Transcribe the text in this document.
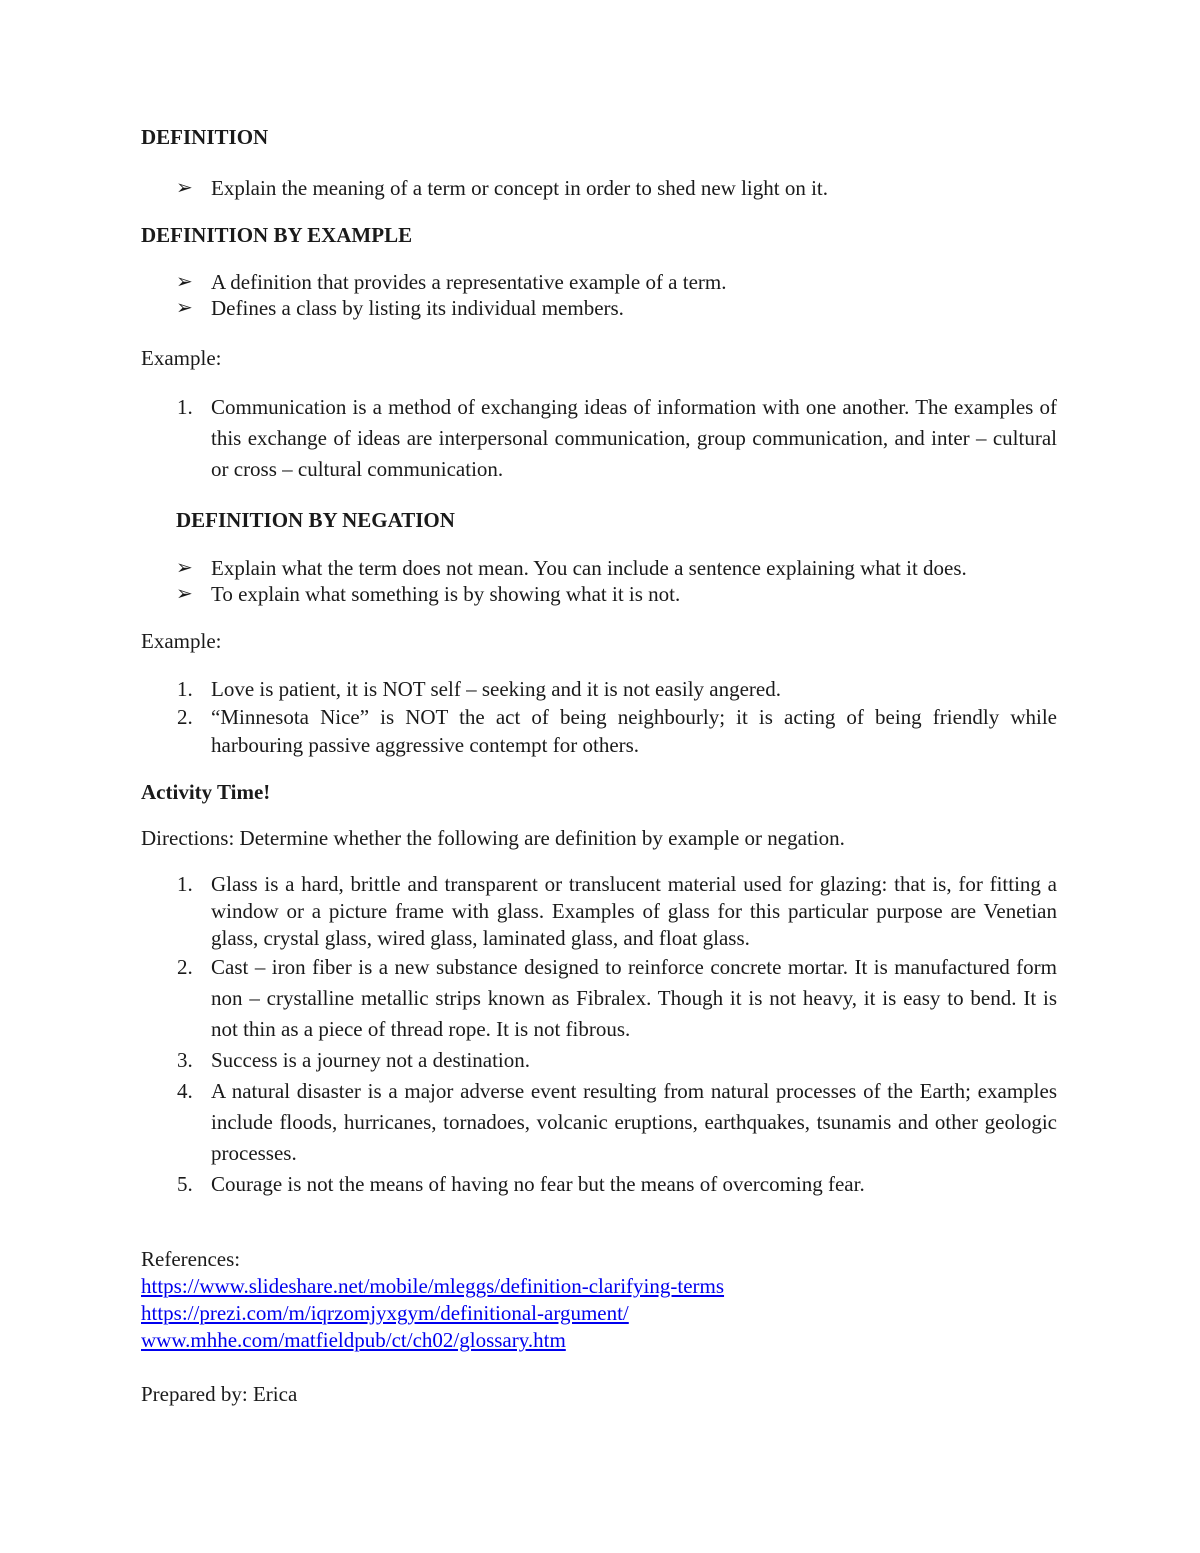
DEFINITION

➢ Explain the meaning of a term or concept in order to shed new light on it.

DEFINITION BY EXAMPLE

➢ A definition that provides a representative example of a term.
➢ Defines a class by listing its individual members.

Example:

1. Communication is a method of exchanging ideas of information with one another. The examples of this exchange of ideas are interpersonal communication, group communication, and inter – cultural or cross – cultural communication.

DEFINITION BY NEGATION

➢ Explain what the term does not mean. You can include a sentence explaining what it does.
➢ To explain what something is by showing what it is not.

Example:

1. Love is patient, it is NOT self – seeking and it is not easily angered.
2. “Minnesota Nice” is NOT the act of being neighbourly; it is acting of being friendly while harbouring passive aggressive contempt for others.

Activity Time!

Directions: Determine whether the following are definition by example or negation.

1. Glass is a hard, brittle and transparent or translucent material used for glazing: that is, for fitting a window or a picture frame with glass. Examples of glass for this particular purpose are Venetian glass, crystal glass, wired glass, laminated glass, and float glass.
2. Cast – iron fiber is a new substance designed to reinforce concrete mortar. It is manufactured form non – crystalline metallic strips known as Fibralex. Though it is not heavy, it is easy to bend. It is not thin as a piece of thread rope. It is not fibrous.
3. Success is a journey not a destination.
4. A natural disaster is a major adverse event resulting from natural processes of the Earth; examples include floods, hurricanes, tornadoes, volcanic eruptions, earthquakes, tsunamis and other geologic processes.
5. Courage is not the means of having no fear but the means of overcoming fear.

References:

https://www.slideshare.net/mobile/mleggs/definition-clarifying-terms
https://prezi.com/m/iqrzomjyxgym/definitional-argument/
www.mhhe.com/matfieldpub/ct/ch02/glossary.htm

Prepared by: Erica
